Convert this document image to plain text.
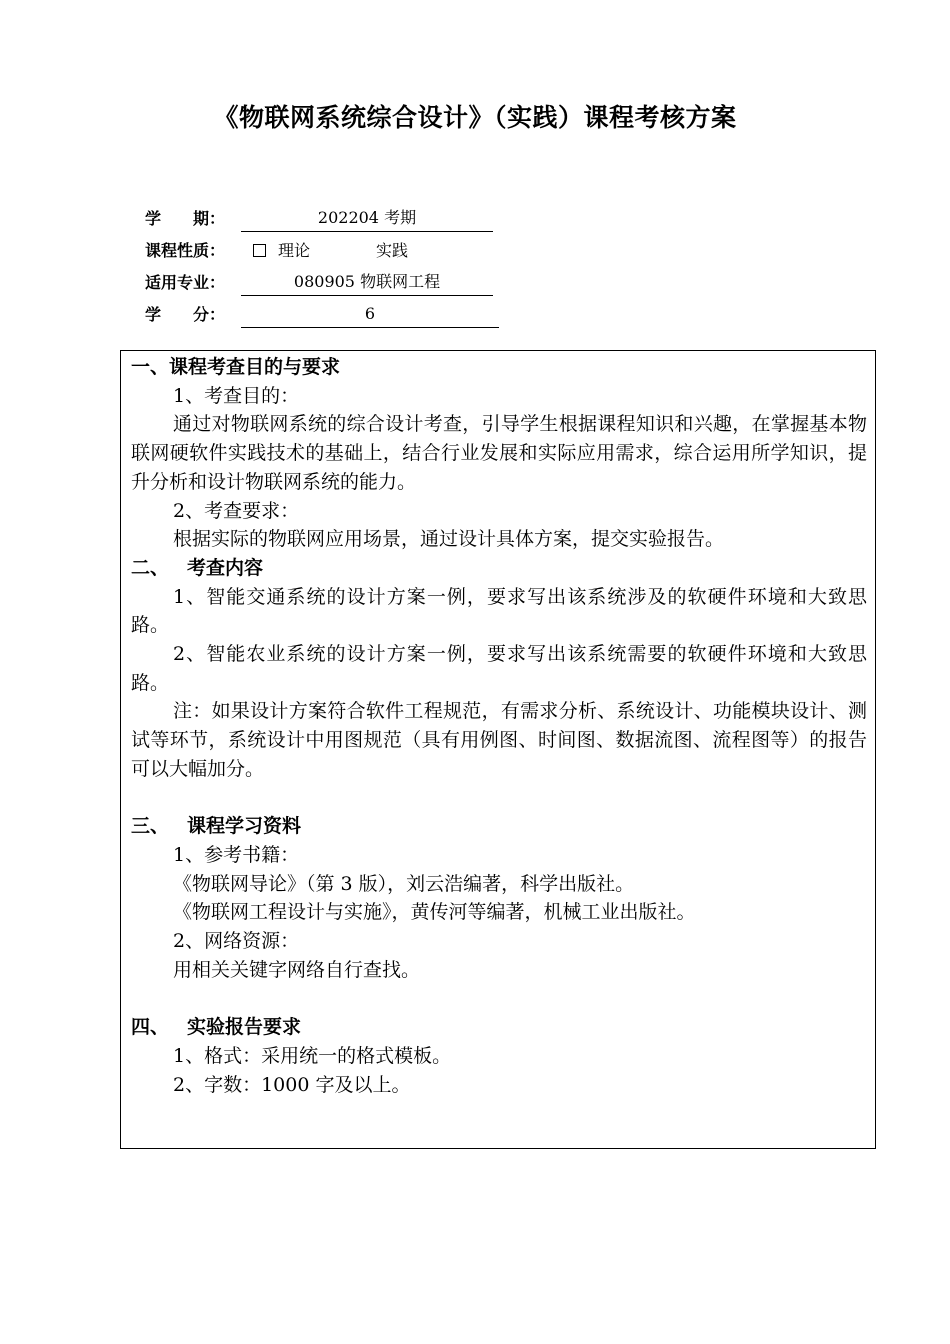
《物联网系统综合设计》（实践）课程考核方案
学　　期：	202204 考期
课程性质：	理论	实践
适用专业：	080905 物联网工程
学　　分：	6
一、课程考查目的与要求
1、考查目的：
通过对物联网系统的综合设计考查，引导学生根据课程知识和兴趣，在掌握基本物联网硬软件实践技术的基础上，结合行业发展和实际应用需求，综合运用所学知识，提升分析和设计物联网系统的能力。
2、考查要求：
根据实际的物联网应用场景，通过设计具体方案，提交实验报告。
二、 考查内容
1、智能交通系统的设计方案一例，要求写出该系统涉及的软硬件环境和大致思路。
2、智能农业系统的设计方案一例，要求写出该系统需要的软硬件环境和大致思路。
注：如果设计方案符合软件工程规范，有需求分析、系统设计、功能模块设计、测试等环节，系统设计中用图规范（具有用例图、时间图、数据流图、流程图等）的报告可以大幅加分。
三、 课程学习资料
1、参考书籍：
《物联网导论》（第 3 版），刘云浩编著，科学出版社。
《物联网工程设计与实施》，黄传河等编著，机械工业出版社。
2、网络资源：
用相关关键字网络自行查找。
四、 实验报告要求
1、格式：采用统一的格式模板。
2、字数：1000 字及以上。
